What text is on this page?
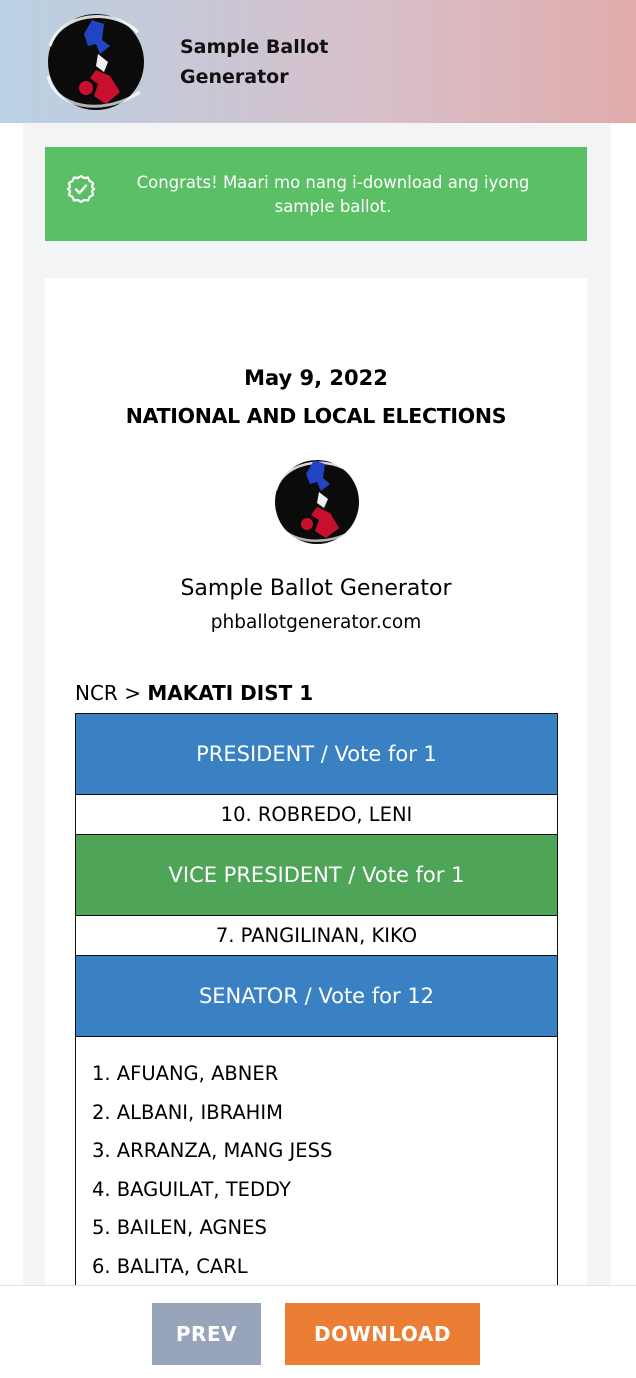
Sample Ballot
Generator
Congrats! Maari mo nang i-download ang iyong sample ballot.
May 9, 2022
NATIONAL AND LOCAL ELECTIONS
Sample Ballot Generator
phballotgenerator.com
NCR > MAKATI DIST 1
PRESIDENT / Vote for 1
10. ROBREDO, LENI
VICE PRESIDENT / Vote for 1
7. PANGILINAN, KIKO
SENATOR / Vote for 12
1. AFUANG, ABNER
2. ALBANI, IBRAHIM
3. ARRANZA, MANG JESS
4. BAGUILAT, TEDDY
5. BAILEN, AGNES
6. BALITA, CARL
PREV	DOWNLOAD
